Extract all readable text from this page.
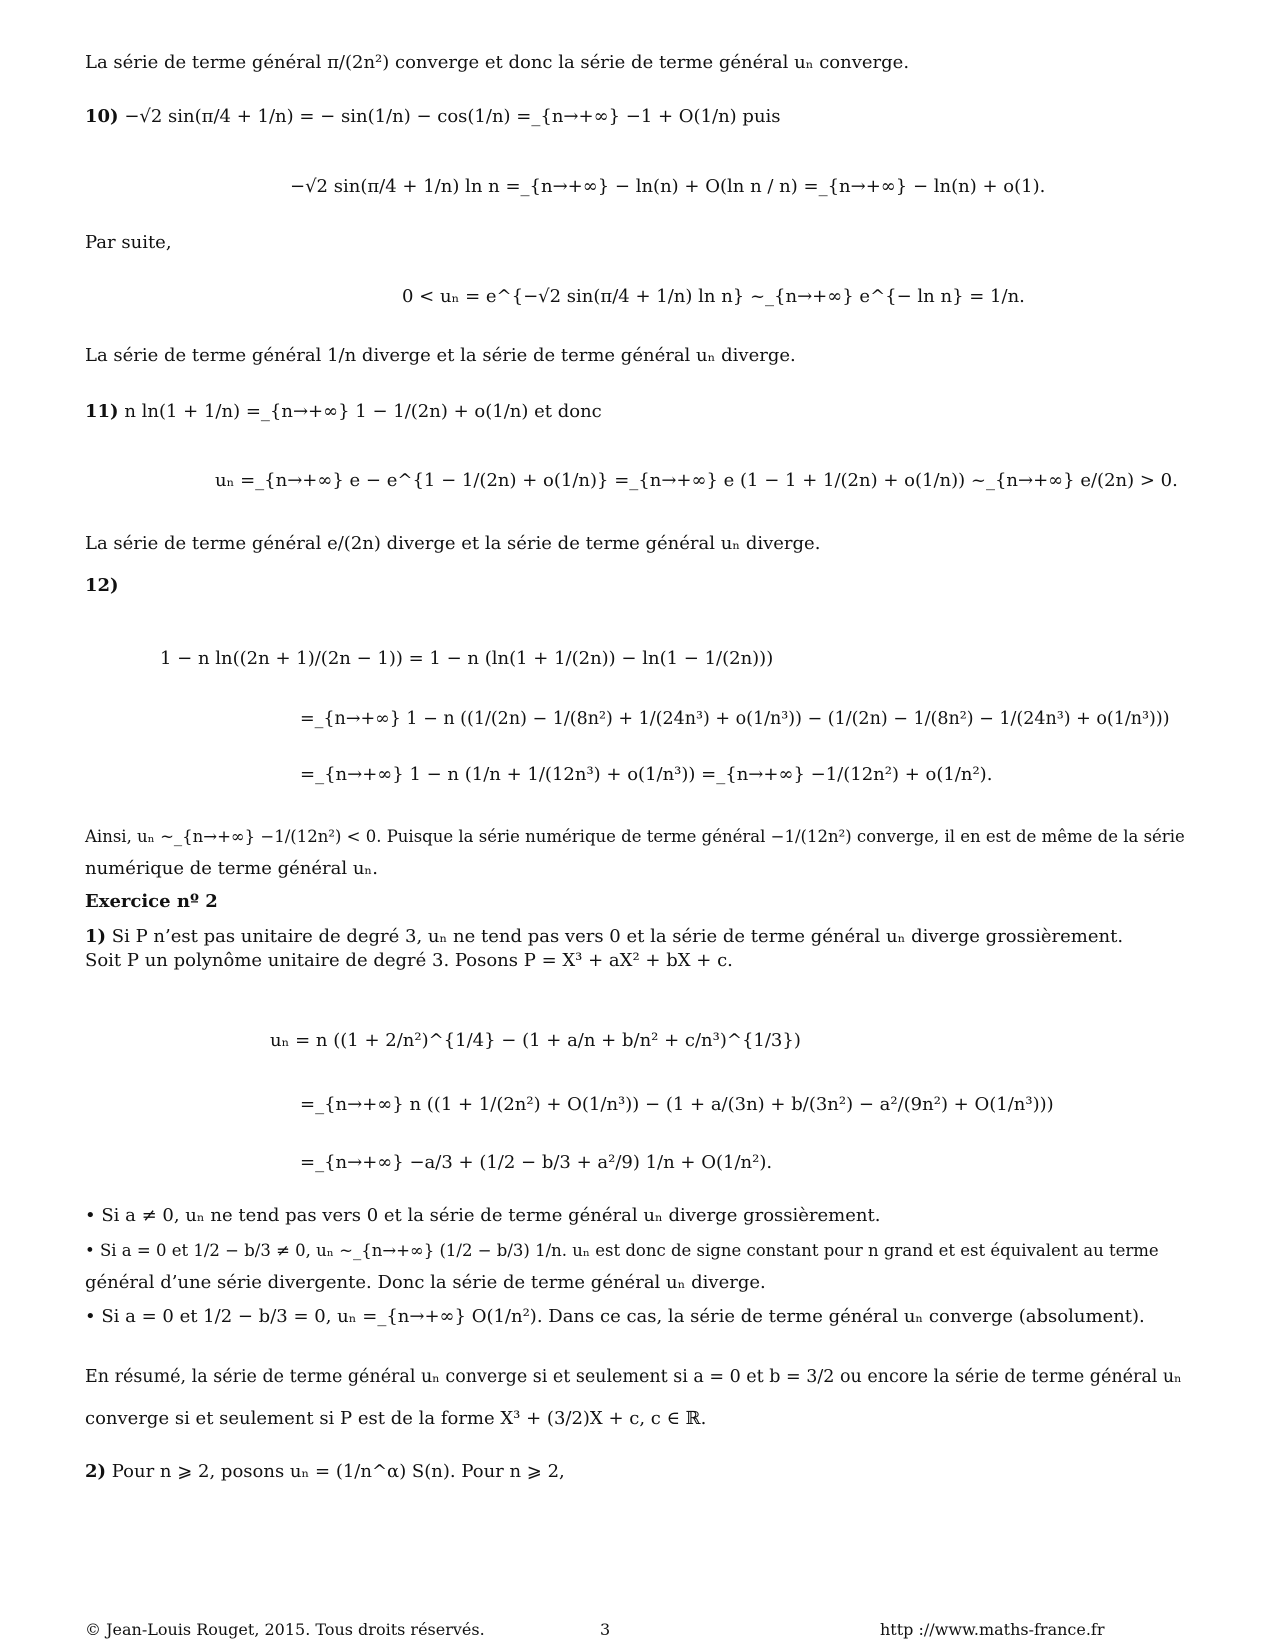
La série de terme général π/(2n²) converge et donc la série de terme général uₙ converge.
10) −√2 sin(π/4 + 1/n) = − sin(1/n) − cos(1/n) =_{n→+∞} −1 + O(1/n) puis
−√2 sin(π/4 + 1/n) ln n =_{n→+∞} − ln(n) + O(ln n / n) =_{n→+∞} − ln(n) + o(1).
Par suite,
0 < uₙ = e^{−√2 sin(π/4 + 1/n) ln n} ~_{n→+∞} e^{− ln n} = 1/n.
La série de terme général 1/n diverge et la série de terme général uₙ diverge.
11) n ln(1 + 1/n) =_{n→+∞} 1 − 1/(2n) + o(1/n) et donc
uₙ =_{n→+∞} e − e^{1 − 1/(2n) + o(1/n)} =_{n→+∞} e (1 − 1 + 1/(2n) + o(1/n)) ~_{n→+∞} e/(2n) > 0.
La série de terme général e/(2n) diverge et la série de terme général uₙ diverge.
12)
1 − n ln((2n + 1)/(2n − 1)) = 1 − n (ln(1 + 1/(2n)) − ln(1 − 1/(2n)))
=_{n→+∞} 1 − n ((1/(2n) − 1/(8n²) + 1/(24n³) + o(1/n³)) − (1/(2n) − 1/(8n²) − 1/(24n³) + o(1/n³)))
=_{n→+∞} 1 − n (1/n + 1/(12n³) + o(1/n³)) =_{n→+∞} −1/(12n²) + o(1/n²).
Ainsi, uₙ ~_{n→+∞} −1/(12n²) < 0. Puisque la série numérique de terme général −1/(12n²) converge, il en est de même de la série
numérique de terme général uₙ.
Exercice nº 2
1) Si P n’est pas unitaire de degré 3, uₙ ne tend pas vers 0 et la série de terme général uₙ diverge grossièrement.
Soit P un polynôme unitaire de degré 3. Posons P = X³ + aX² + bX + c.
uₙ = n ((1 + 2/n²)^{1/4} − (1 + a/n + b/n² + c/n³)^{1/3})
=_{n→+∞} n ((1 + 1/(2n²) + O(1/n³)) − (1 + a/(3n) + b/(3n²) − a²/(9n²) + O(1/n³)))
=_{n→+∞} −a/3 + (1/2 − b/3 + a²/9) 1/n + O(1/n²).
• Si a ≠ 0, uₙ ne tend pas vers 0 et la série de terme général uₙ diverge grossièrement.
• Si a = 0 et 1/2 − b/3 ≠ 0, uₙ ~_{n→+∞} (1/2 − b/3) 1/n. uₙ est donc de signe constant pour n grand et est équivalent au terme
général d’une série divergente. Donc la série de terme général uₙ diverge.
• Si a = 0 et 1/2 − b/3 = 0, uₙ =_{n→+∞} O(1/n²). Dans ce cas, la série de terme général uₙ converge (absolument).
En résumé, la série de terme général uₙ converge si et seulement si a = 0 et b = 3/2 ou encore la série de terme général uₙ
converge si et seulement si P est de la forme X³ + (3/2)X + c, c ∈ ℝ.
2) Pour n ⩾ 2, posons uₙ = (1/n^α) S(n). Pour n ⩾ 2,
© Jean-Louis Rouget, 2015. Tous droits réservés.	3	http ://www.maths-france.fr
